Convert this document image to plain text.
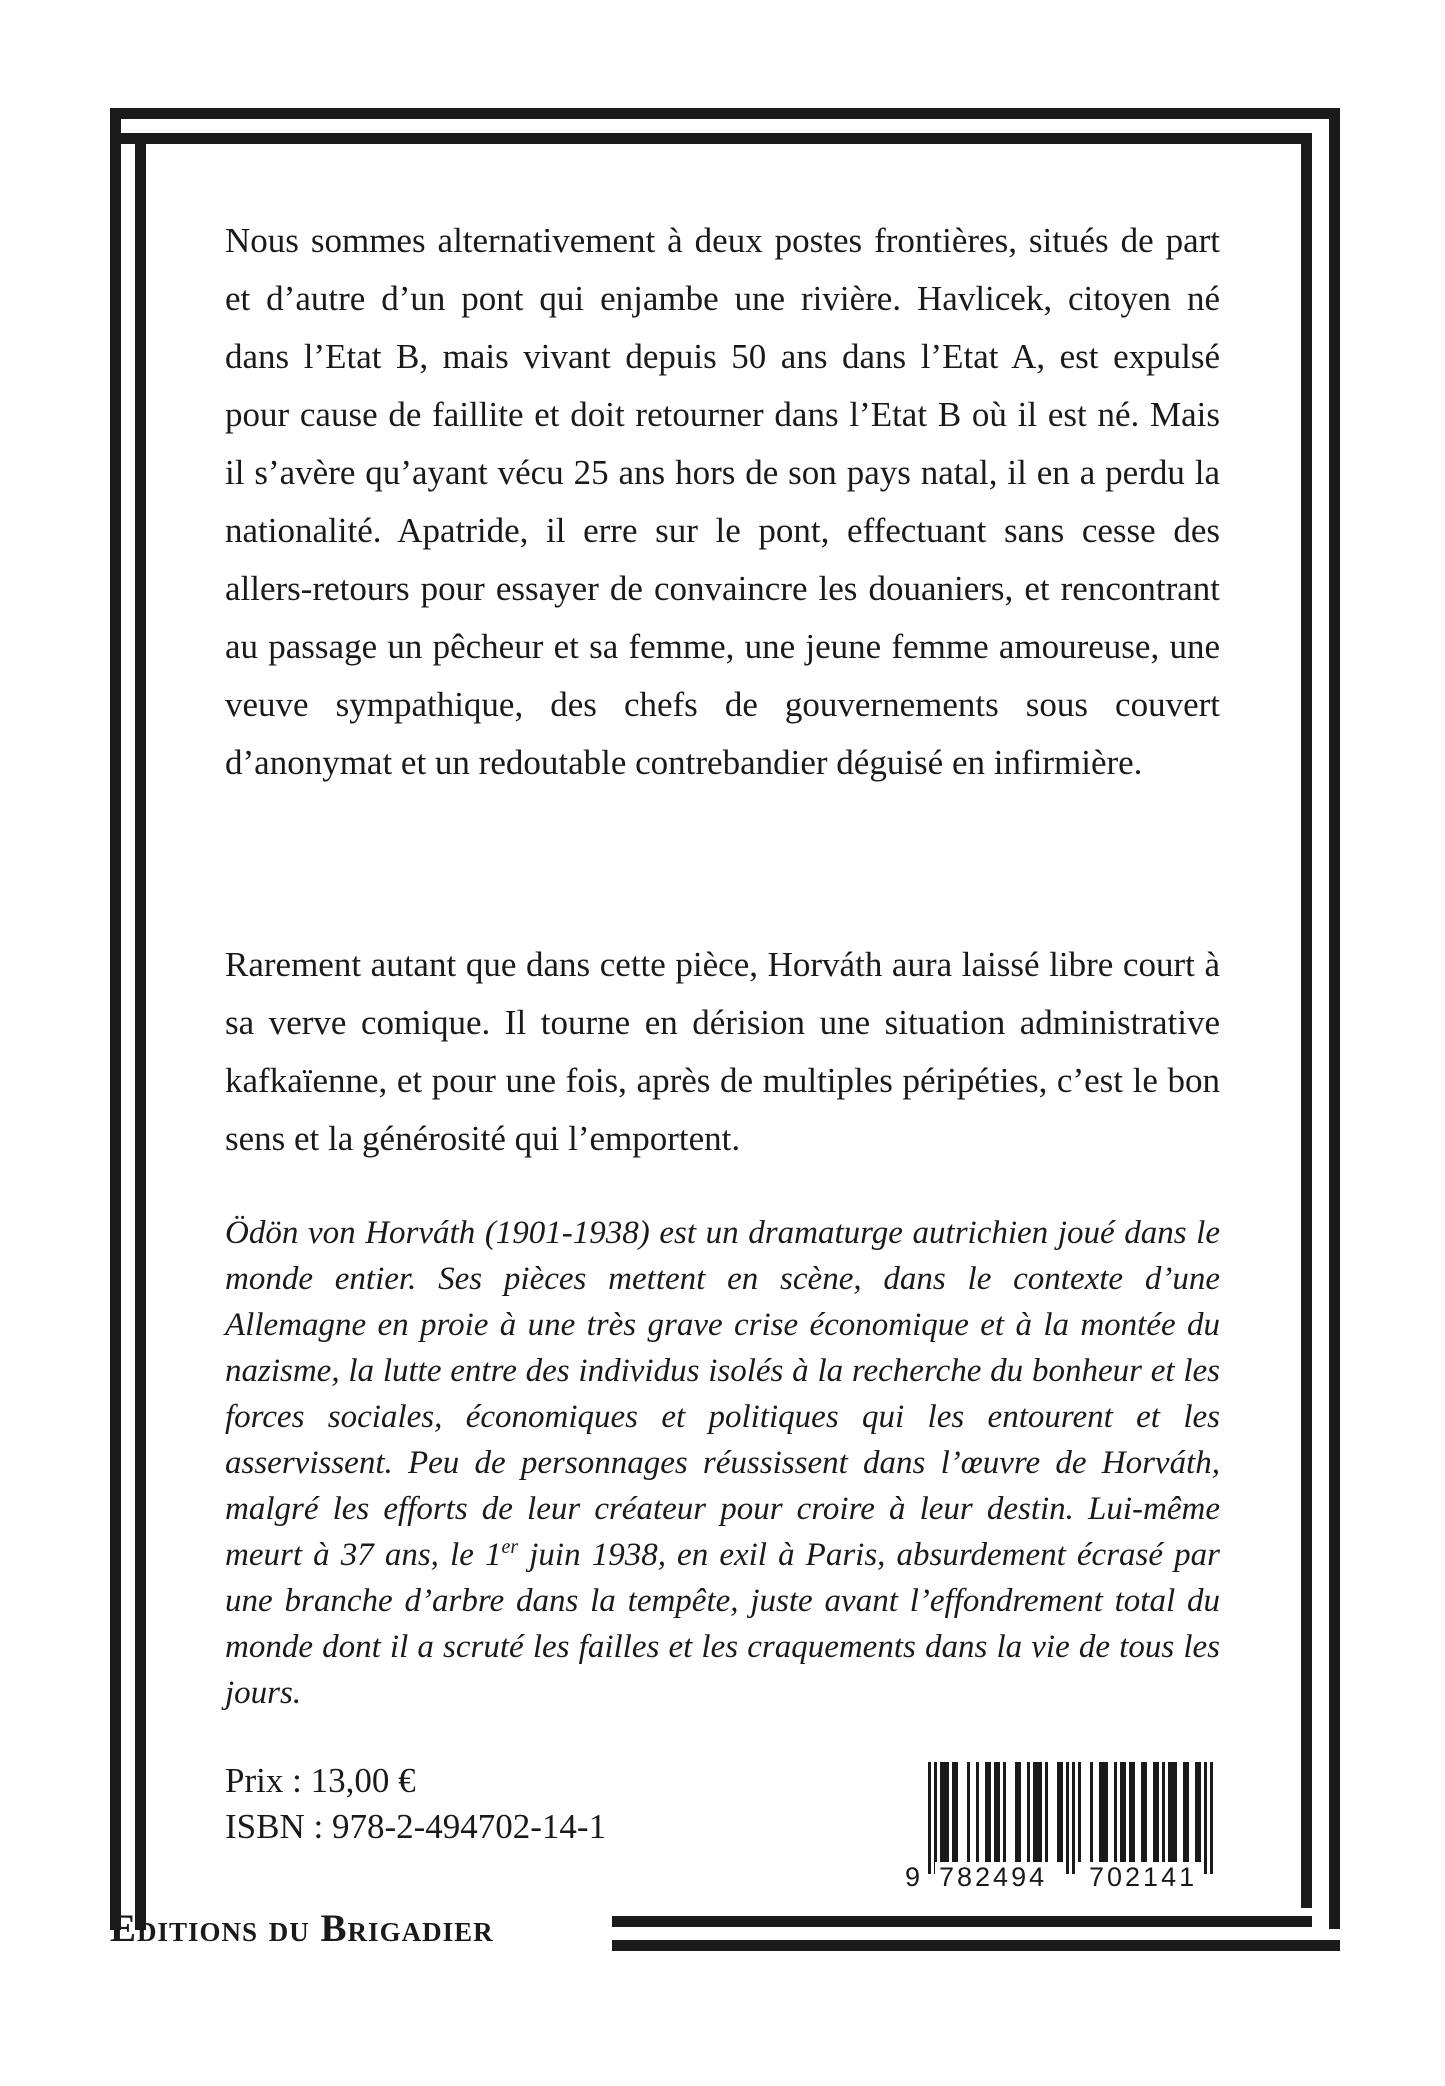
Nous sommes alternativement à deux postes frontières, situés de part et d’autre d’un pont qui enjambe une rivière. Havlicek, citoyen né dans l’Etat B, mais vivant depuis 50 ans dans l’Etat A, est expulsé pour cause de faillite et doit retourner dans l’Etat B où il est né. Mais il s’avère qu’ayant vécu 25 ans hors de son pays natal, il en a perdu la nationalité. Apatride, il erre sur le pont, effectuant sans cesse des allers-retours pour essayer de convaincre les douaniers, et rencontrant au passage un pêcheur et sa femme, une jeune femme amoureuse, une veuve sympathique, des chefs de gouvernements sous couvert d’anonymat et un redoutable contrebandier déguisé en infirmière.

Rarement autant que dans cette pièce, Horváth aura laissé libre court à sa verve comique. Il tourne en dérision une situation administrative kafkaïenne, et pour une fois, après de multiples péripéties, c’est le bon sens et la générosité qui l’emportent.

Ödön von Horváth (1901-1938) est un dramaturge autrichien joué dans le monde entier. Ses pièces mettent en scène, dans le contexte d’une Allemagne en proie à une très grave crise économique et à la montée du nazisme, la lutte entre des individus isolés à la recherche du bonheur et les forces sociales, économiques et politiques qui les entourent et les asservissent. Peu de personnages réussissent dans l’œuvre de Horváth, malgré les efforts de leur créateur pour croire à leur destin. Lui-même meurt à 37 ans, le 1er juin 1938, en exil à Paris, absurdement écrasé par une branche d’arbre dans la tempête, juste avant l’effondrement total du monde dont il a scruté les failles et les craquements dans la vie de tous les jours.

Prix : 13,00 €

ISBN : 978-2-494702-14-1

9 782494 702141

Editions du Brigadier
